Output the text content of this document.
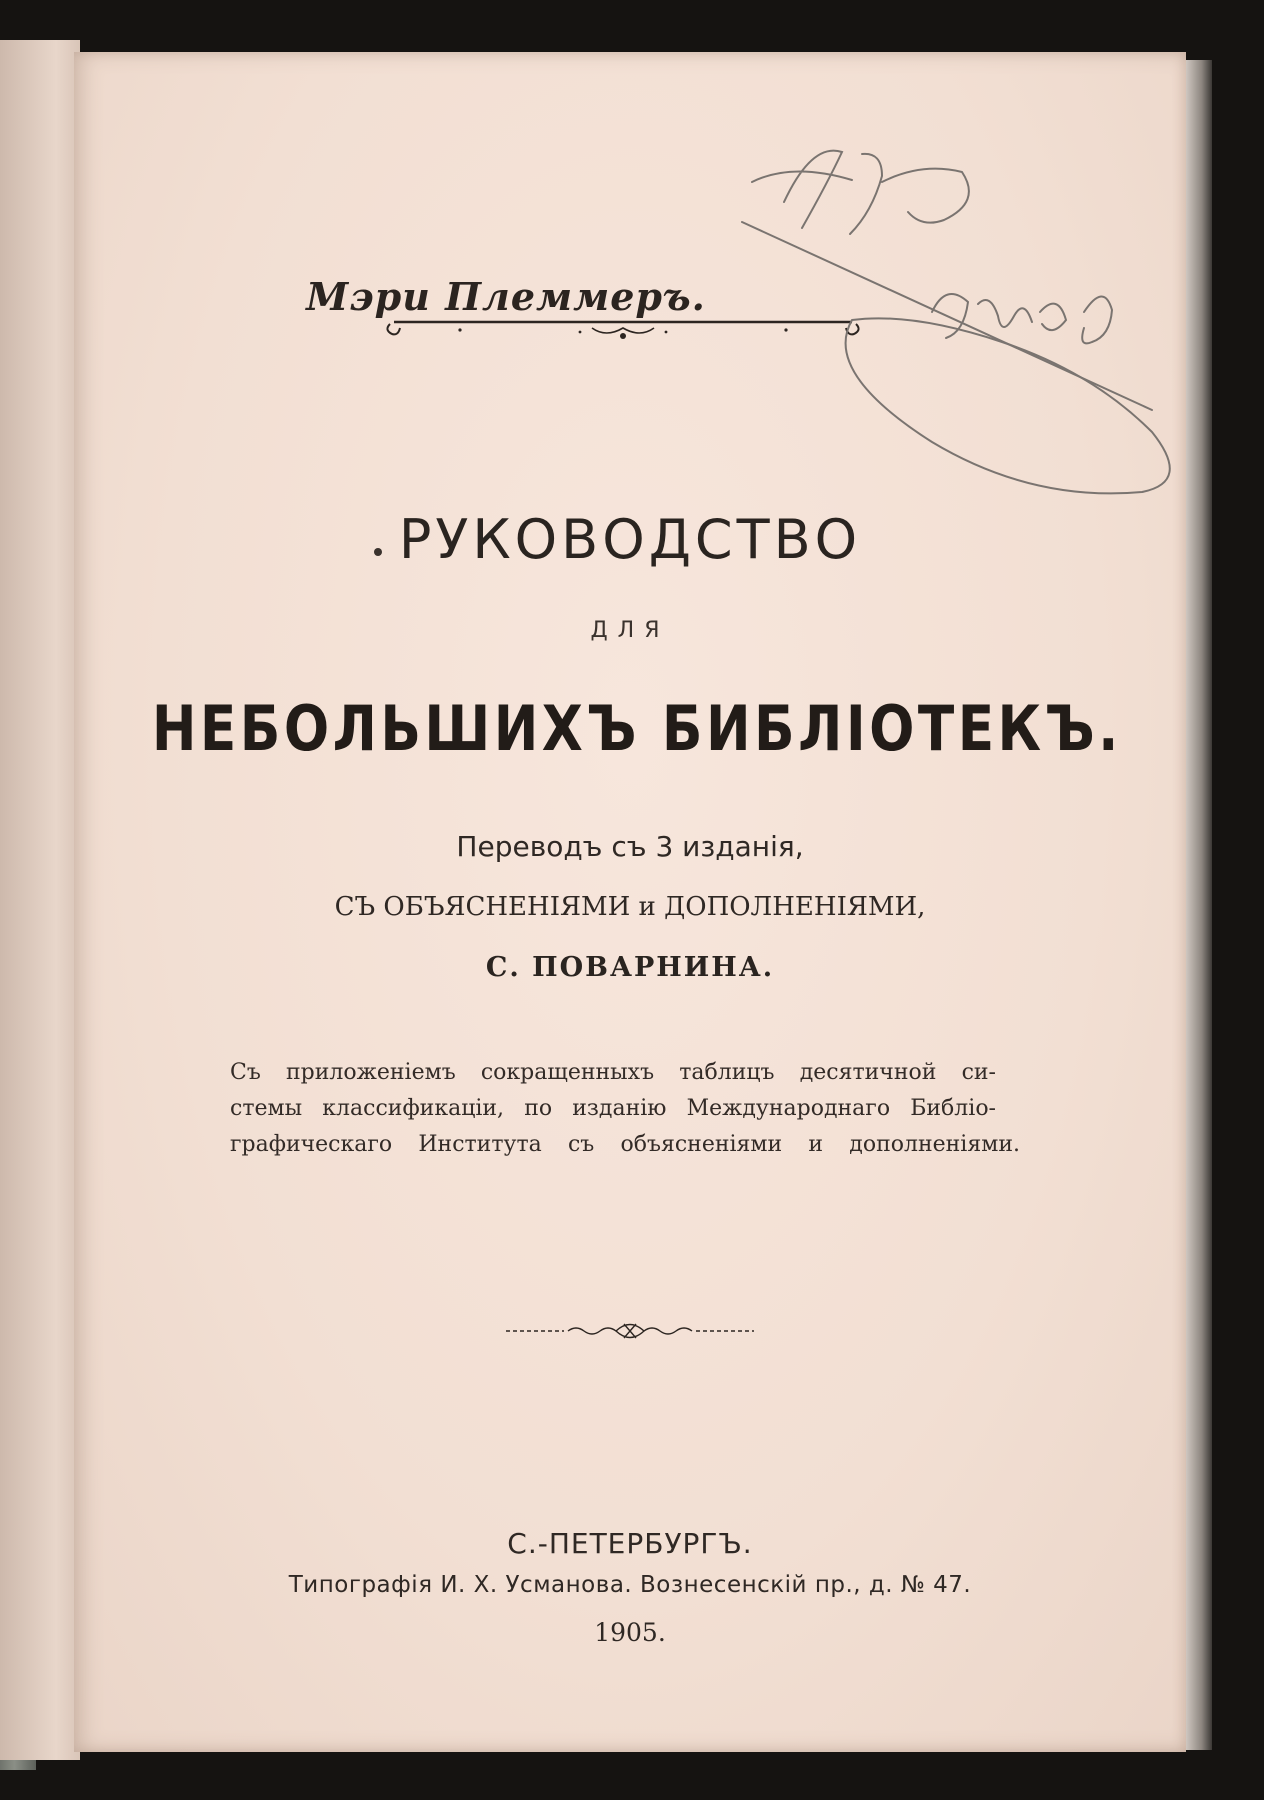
Мэри Племмеръ.
РУКОВОДСТВО
ДЛЯ
НЕБОЛЬШИХЪ БИБЛІОТЕКЪ.
Переводъ съ 3 изданія,
СЪ ОБЪЯСНЕНІЯМИ и ДОПОЛНЕНІЯМИ,
С. ПОВАРНИНА.
Съ приложеніемъ сокращенныхъ таблицъ десятичной си-
стемы классификаціи, по изданію Международнаго Библіо-
графическаго Института съ объясненіями и дополненіями.
С.-ПЕТЕРБУРГЪ.
Типографія И. Х. Усманова. Вознесенскій пр., д. № 47.
1905.
